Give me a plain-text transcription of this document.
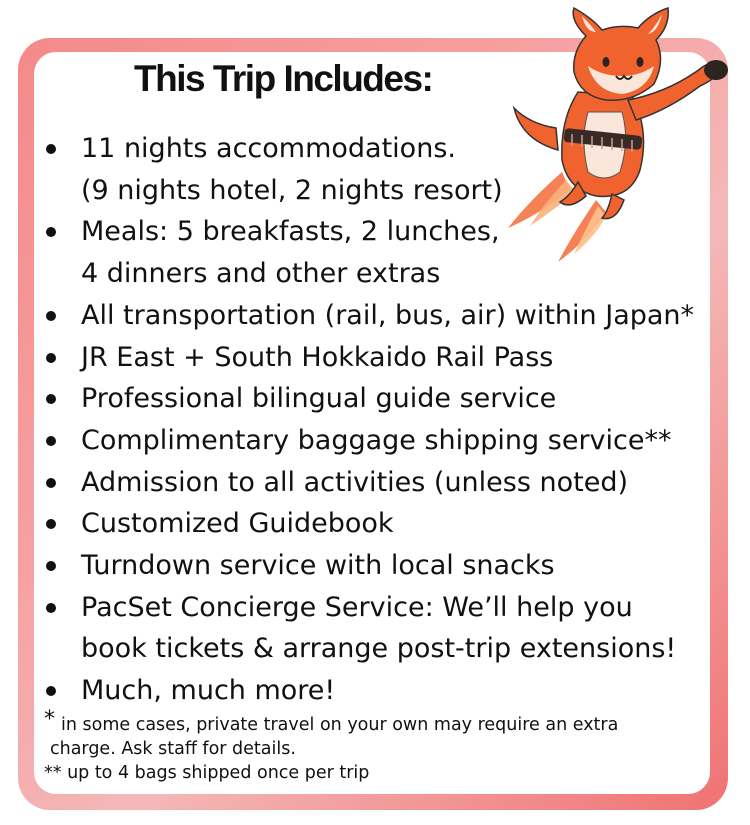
This Trip Includes:
11 nights accommodations.
(9 nights hotel, 2 nights resort)
Meals: 5 breakfasts, 2 lunches,
4 dinners and other extras
All transportation (rail, bus, air) within Japan*
JR East + South Hokkaido Rail Pass
Professional bilingual guide service
Complimentary baggage shipping service**
Admission to all activities (unless noted)
Customized Guidebook
Turndown service with local snacks
PacSet Concierge Service: We’ll help you
book tickets & arrange post-trip extensions!
Much, much more!
* in some cases, private travel on your own may require an extra
charge. Ask staff for details.
** up to 4 bags shipped once per trip
